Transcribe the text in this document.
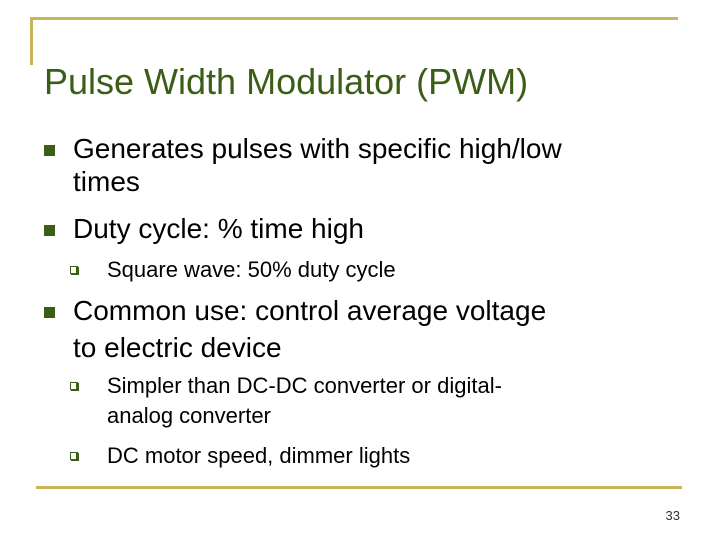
Pulse Width Modulator (PWM)
Generates pulses with specific high/low
times
Duty cycle: % time high
Square wave: 50% duty cycle
Common use: control average voltage
to electric device
Simpler than DC-DC converter or digital-
analog converter
DC motor speed, dimmer lights

33
